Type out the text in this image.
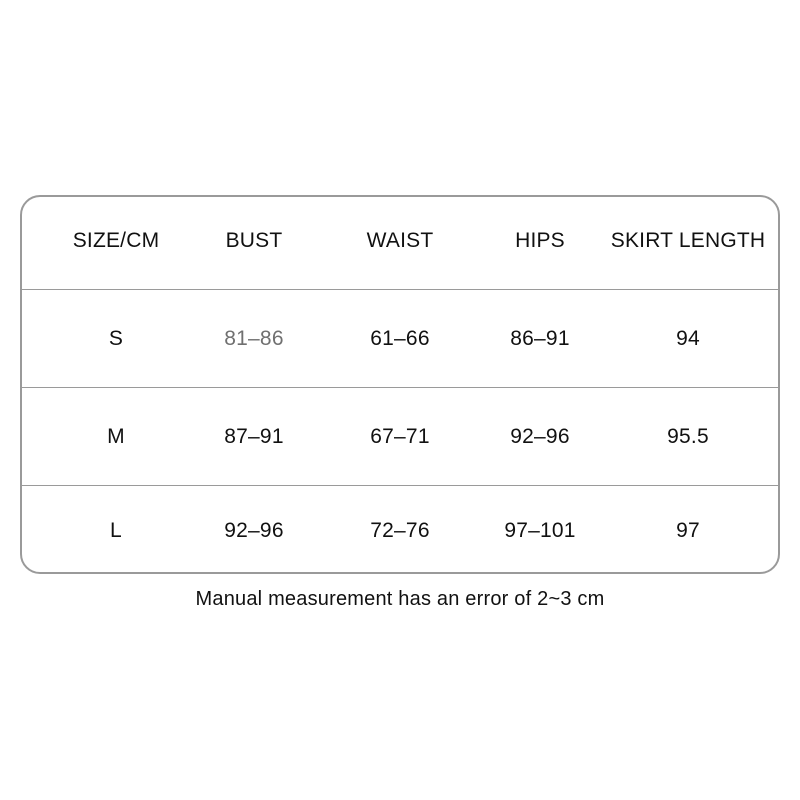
SIZE/CM	BUST	WAIST	HIPS	SKIRT LENGTH
S	81–86	61–66	86–91	94
M	87–91	67–71	92–96	95.5
L	92–96	72–76	97–101	97
Manual measurement has an error of 2~3 cm
